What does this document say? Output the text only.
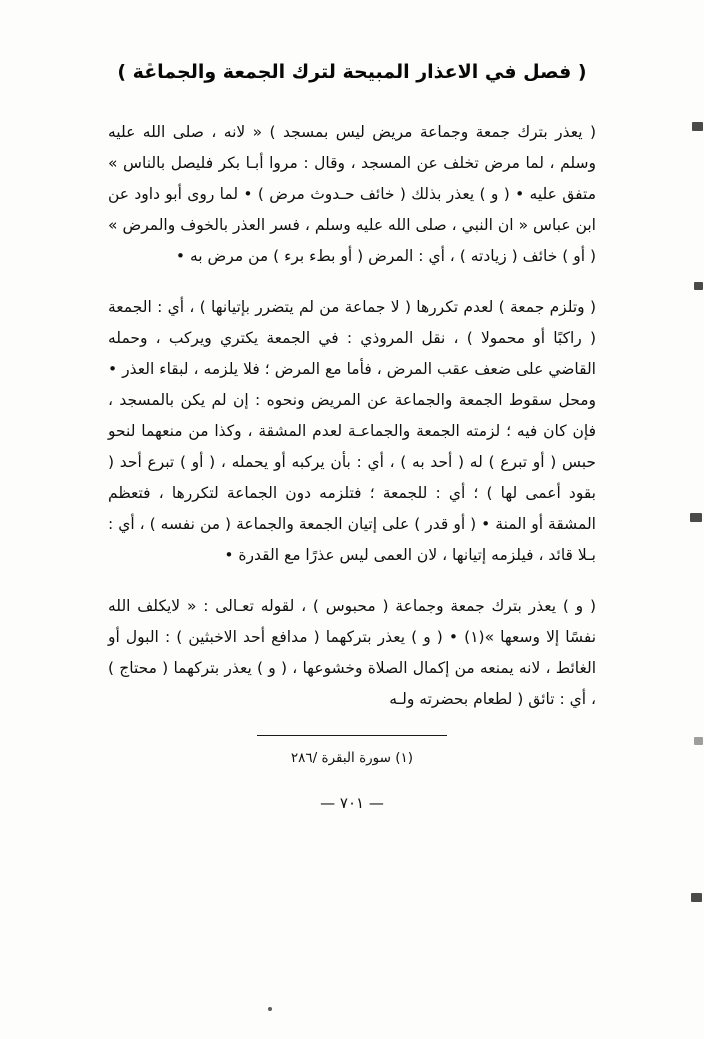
( فصل في الاعذار المبيحة لترك الجمعة والجماعة )

( يعذر بترك جمعة وجماعة مريض ليس بمسجد ) « لانه ، صلى الله عليه وسلم ، لما مرض تخلف عن المسجد ، وقال : مروا أبـا بكر فليصل بالناس » متفق عليه • ( و ) يعذر بذلك ( خائف حـدوث مرض ) • لما روى أبو داود عن ابن عباس « ان النبي ، صلى الله عليه وسلم ، فسر العذر بالخوف والمرض » ( أو ) خائف ( زيادته ) ، أي : المرض ( أو بطء برء ) من مرض به •

( وتلزم جمعة ) لعدم تكررها ( لا جماعة من لم يتضرر بإتيانها ) ، أي : الجمعة ( راكبًا أو محمولا ) ، نقل المروذي : في الجمعة يكتري ويركب ، وحمله القاضي على ضعف عقب المرض ، فأما مع المرض ؛ فلا يلزمه ، لبقاء العذر • ومحل سقوط الجمعة والجماعة عن المريض ونحوه : إن لم يكن بالمسجد ، فإن كان فيه ؛ لزمته الجمعة والجماعـة لعدم المشقة ، وكذا من منعهما لنحو حبس ( أو تبرع ) له ( أحد به ) ، أي : بأن يركبه أو يحمله ، ( أو ) تبرع أحد ( بقود أعمى لها ) ؛ أي : للجمعة ؛ فتلزمه دون الجماعة لتكررها ، فتعظم المشقة أو المنة • ( أو قدر ) على إتيان الجمعة والجماعة ( من نفسه ) ، أي : بـلا قائد ، فيلزمه إتيانها ، لان العمى ليس عذرًا مع القدرة •

( و ) يعذر بترك جمعة وجماعة ( محبوس ) ، لقوله تعـالى : « لايكلف الله نفسًا إلا وسعها »‏(١) • ( و ) يعذر بتركهما ( مدافع أحد الاخبثين ) : البول أو الغائط ، لانه يمنعه من إكمال الصلاة وخشوعها ، ( و ) يعذر بتركهما ( محتاج ) ، أي : تائق ( لطعام بحضرته ولـه

(١) سورة البقرة /٢٨٦

— ٧٠١ —
